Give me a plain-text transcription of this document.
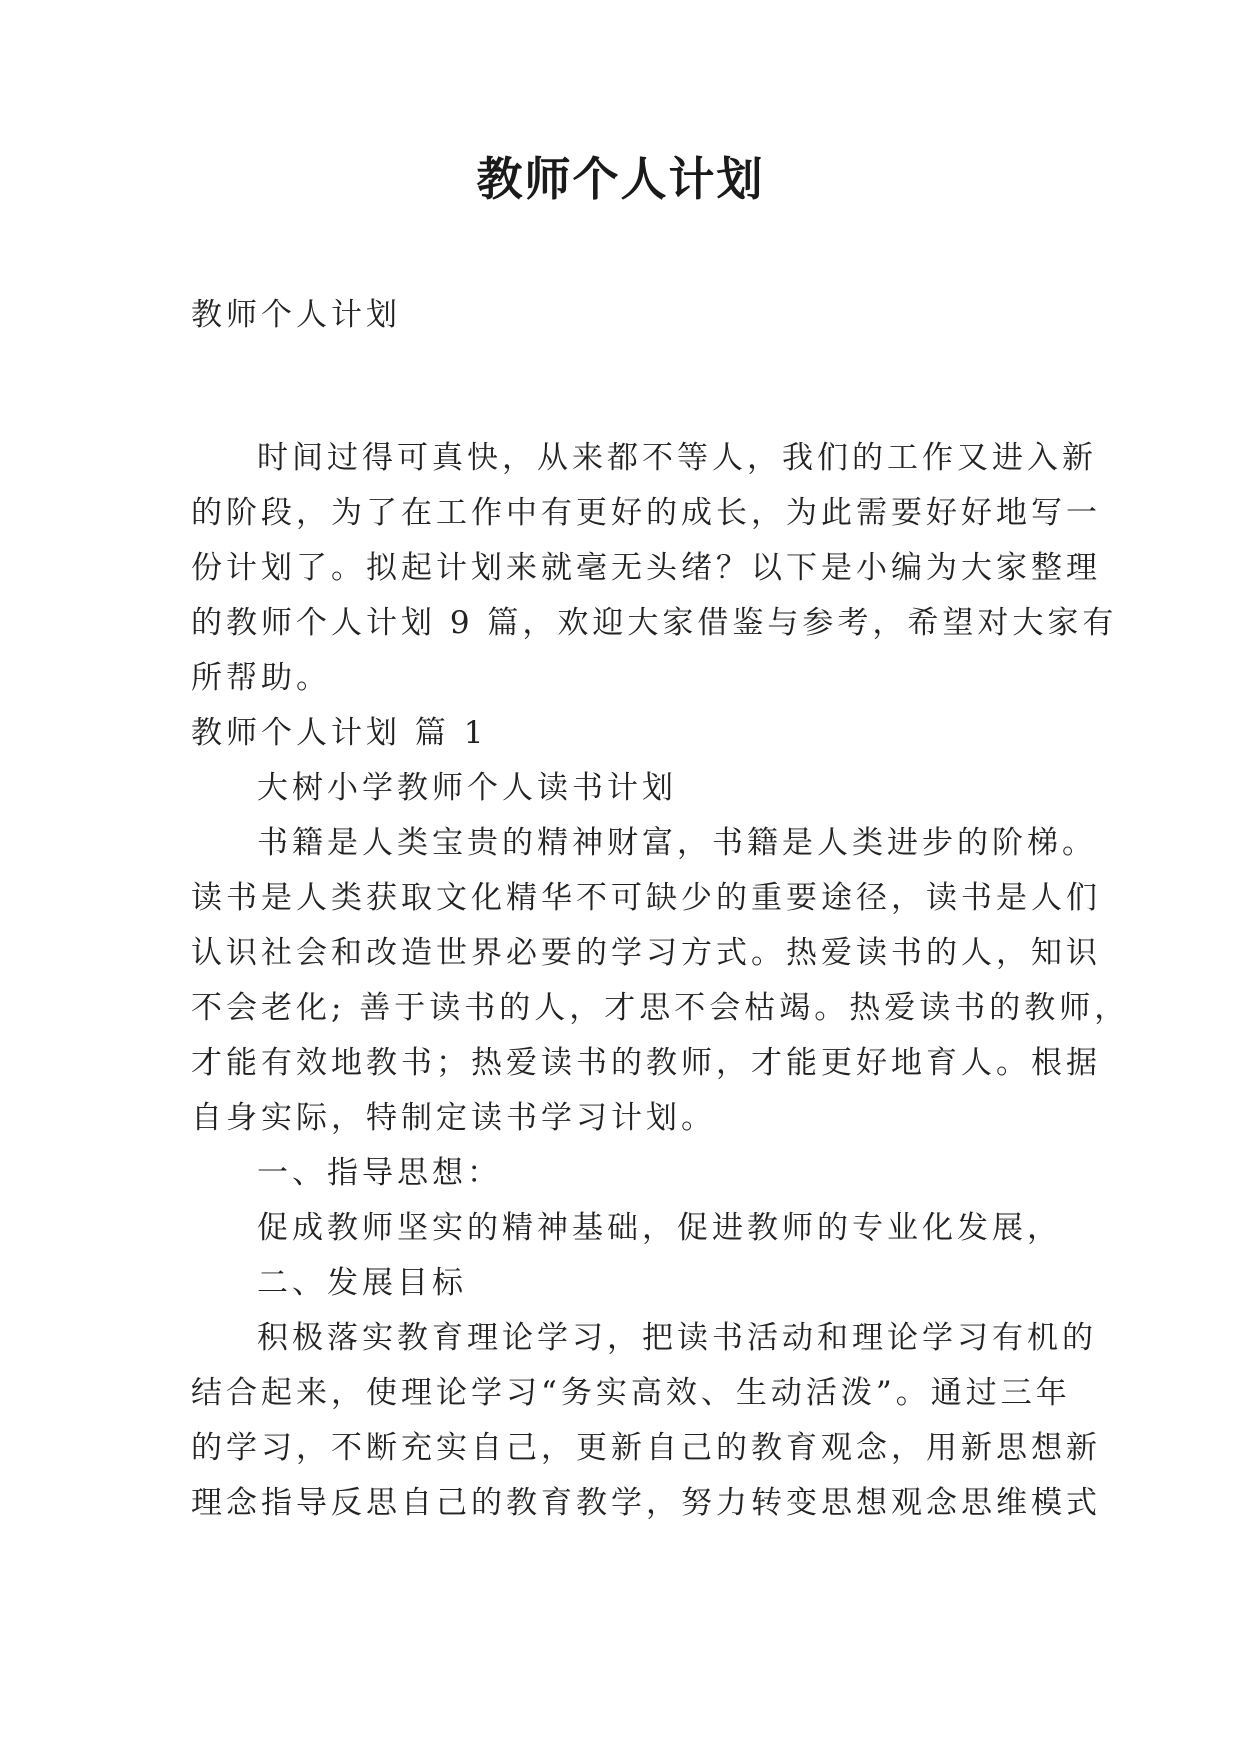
教师个人计划

教师个人计划

时间过得可真快，从来都不等人，我们的工作又进入新

的阶段，为了在工作中有更好的成长，为此需要好好地写一

份计划了。拟起计划来就毫无头绪？以下是小编为大家整理

的教师个人计划 9 篇，欢迎大家借鉴与参考，希望对大家有

所帮助。

教师个人计划 篇 1

大树小学教师个人读书计划

书籍是人类宝贵的精神财富，书籍是人类进步的阶梯。

读书是人类获取文化精华不可缺少的重要途径，读书是人们

认识社会和改造世界必要的学习方式。热爱读书的人，知识

不会老化; 善于读书的人，才思不会枯竭。热爱读书的教师，

才能有效地教书；热爱读书的教师，才能更好地育人。根据

自身实际，特制定读书学习计划。

一、指导思想：

促成教师坚实的精神基础，促进教师的专业化发展，

二、发展目标

积极落实教育理论学习，把读书活动和理论学习有机的

结合起来，使理论学习“务实高效、生动活泼”。通过三年

的学习，不断充实自己，更新自己的教育观念，用新思想新

理念指导反思自己的教育教学，努力转变思想观念思维模式
